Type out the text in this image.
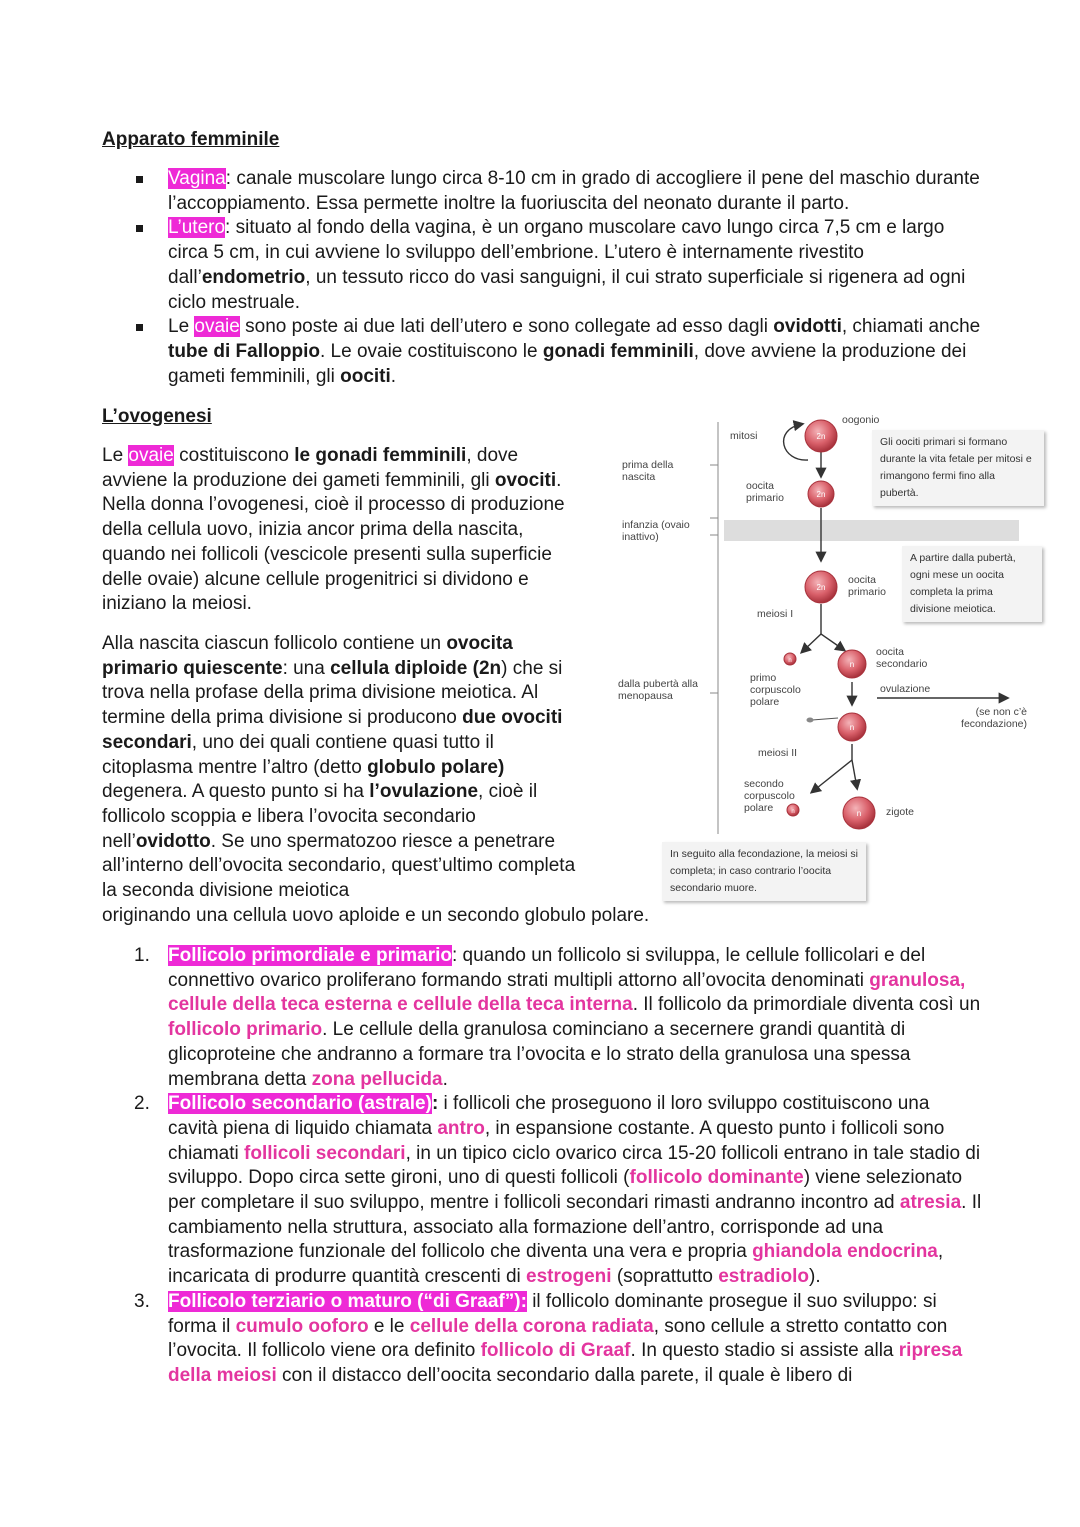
Apparato femminile
Vagina: canale muscolare lungo circa 8-10 cm in grado di accogliere il pene del maschio durante l’accoppiamento. Essa permette inoltre la fuoriuscita del neonato durante il parto.
L’utero: situato al fondo della vagina, è un organo muscolare cavo lungo circa 7,5 cm e largo circa 5 cm, in cui avviene lo sviluppo dell’embrione. L’utero è internamente rivestito dall’endometrio, un tessuto ricco do vasi sanguigni, il cui strato superficiale si rigenera ad ogni ciclo mestruale.
Le ovaie sono poste ai due lati dell’utero e sono collegate ad esso dagli ovidotti, chiamati anche tube di Falloppio. Le ovaie costituiscono le gonadi femminili, dove avviene la produzione dei gameti femminili, gli oociti.
L’ovogenesi

Le ovaie costituiscono le gonadi femminili, dove avviene la produzione dei gameti femminili, gli ovociti. Nella donna l’ovogenesi, cioè il processo di produzione della cellula uovo, inizia ancor prima della nascita, quando nei follicoli (vescicole presenti sulla superficie delle ovaie) alcune cellule progenitrici si dividono e iniziano la meiosi.

Alla nascita ciascun follicolo contiene un ovocita primario quiescente: una cellula diploide (2n) che si trova nella profase della prima divisione meiotica. Al termine della prima divisione si producono due ovociti secondari, uno dei quali contiene quasi tutto il citoplasma mentre l’altro (detto globulo polare) degenera. A questo punto si ha l’ovulazione, cioè il follicolo scoppia e libera l’ovocita secondario nell’ovidotto. Se uno spermatozoo riesce a penetrare all’interno dell’ovocita secondario, quest’ultimo completa la seconda divisione meiotica
originando una cellula uovo aploide e un secondo globulo polare.

2n
2n
2n
n	n
n
n	n
oogonio
mitosi
prima della nascita
oocita primario
infanzia (ovaio inattivo)
oocita primario
meiosi I
oocita secondario
primo corpuscolo polare
ovulazione
(se non c’è fecondazione)
dalla pubertà alla menopausa
meiosi II
secondo corpuscolo polare	zigote
Gli oociti primari si formano durante la vita fetale per mitosi e rimangono fermi fino alla pubertà.
A partire dalla pubertà, ogni mese un oocita completa la prima divisione meiotica.
In seguito alla fecondazione, la meiosi si completa; in caso contrario l’oocita secondario muore.
1. Follicolo primordiale e primario: quando un follicolo si sviluppa, le cellule follicolari e del connettivo ovarico proliferano formando strati multipli attorno all’ovocita denominati granulosa, cellule della teca esterna e cellule della teca interna. Il follicolo da primordiale diventa così un follicolo primario. Le cellule della granulosa cominciano a secernere grandi quantità di glicoproteine che andranno a formare tra l’ovocita e lo strato della granulosa una spessa membrana detta zona pellucida.
2. Follicolo secondario (astrale): i follicoli che proseguono il loro sviluppo costituiscono una cavità piena di liquido chiamata antro, in espansione costante. A questo punto i follicoli sono chiamati follicoli secondari, in un tipico ciclo ovarico circa 15-20 follicoli entrano in tale stadio di sviluppo. Dopo circa sette gironi, uno di questi follicoli (follicolo dominante) viene selezionato per completare il suo sviluppo, mentre i follicoli secondari rimasti andranno incontro ad atresia. Il cambiamento nella struttura, associato alla formazione dell’antro, corrisponde ad una trasformazione funzionale del follicolo che diventa una vera e propria ghiandola endocrina, incaricata di produrre quantità crescenti di estrogeni (soprattutto estradiolo).
3. Follicolo terziario o maturo (“di Graaf”): il follicolo dominante prosegue il suo sviluppo: si forma il cumulo ooforo e le cellule della corona radiata, sono cellule a stretto contatto con l’ovocita. Il follicolo viene ora definito follicolo di Graaf. In questo stadio si assiste alla ripresa della meiosi con il distacco dell’oocita secondario dalla parete, il quale è libero di
